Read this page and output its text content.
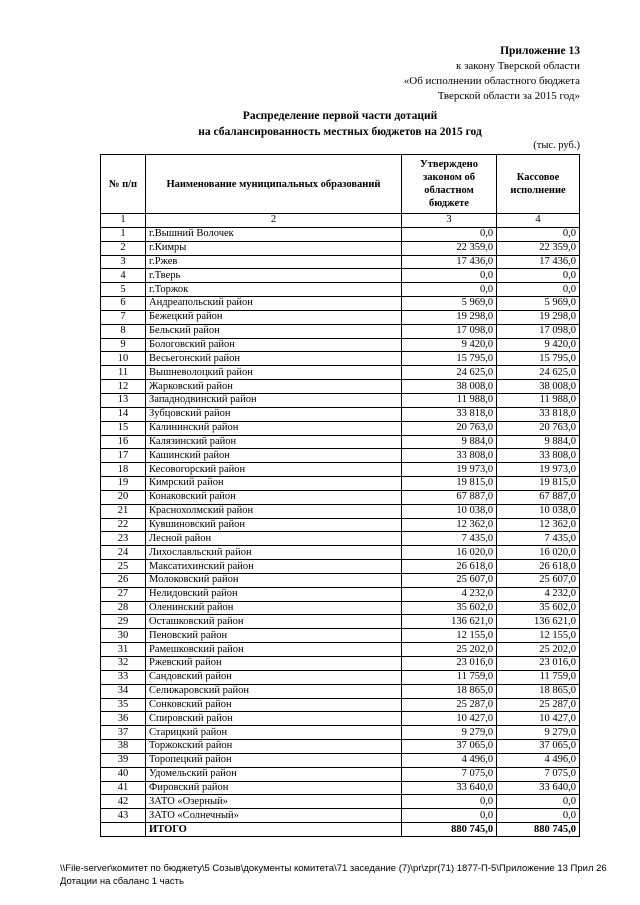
Приложение 13
к закону Тверской области
«Об исполнении областного бюджета
Тверской области за 2015 год»
Распределение первой части дотаций
на сбалансированность местных бюджетов на 2015 год
(тыс. руб.)
№ п/п	Наименование муниципальных образований	Утверждено законом об областном бюджете	Кассовое исполнение
1	2	3	4
1	г.Вышний Волочек	0,0	0,0
2	г.Кимры	22 359,0	22 359,0
3	г.Ржев	17 436,0	17 436,0
4	г.Тверь	0,0	0,0
5	г.Торжок	0,0	0,0
6	Андреапольский район	5 969,0	5 969,0
7	Бежецкий район	19 298,0	19 298,0
8	Бельский район	17 098,0	17 098,0
9	Бологовский район	9 420,0	9 420,0
10	Весьегонский район	15 795,0	15 795,0
11	Вышневолоцкий район	24 625,0	24 625,0
12	Жарковский район	38 008,0	38 008,0
13	Западнодвинский район	11 988,0	11 988,0
14	Зубцовский район	33 818,0	33 818,0
15	Калининский район	20 763,0	20 763,0
16	Калязинский район	9 884,0	9 884,0
17	Кашинский район	33 808,0	33 808,0
18	Кесовогорский район	19 973,0	19 973,0
19	Кимрский район	19 815,0	19 815,0
20	Конаковский район	67 887,0	67 887,0
21	Краснохолмский район	10 038,0	10 038,0
22	Кувшиновский район	12 362,0	12 362,0
23	Лесной район	7 435,0	7 435,0
24	Лихославльский район	16 020,0	16 020,0
25	Максатихинский район	26 618,0	26 618,0
26	Молоковский район	25 607,0	25 607,0
27	Нелидовский район	4 232,0	4 232,0
28	Оленинский район	35 602,0	35 602,0
29	Осташковский район	136 621,0	136 621,0
30	Пеновский район	12 155,0	12 155,0
31	Рамешковский район	25 202,0	25 202,0
32	Ржевский район	23 016,0	23 016,0
33	Сандовский район	11 759,0	11 759,0
34	Селижаровский район	18 865,0	18 865,0
35	Сонковский район	25 287,0	25 287,0
36	Спировский район	10 427,0	10 427,0
37	Старицкий район	9 279,0	9 279,0
38	Торжокский район	37 065,0	37 065,0
39	Торопецкий район	4 496,0	4 496,0
40	Удомельский район	7 075,0	7 075,0
41	Фировский район	33 640,0	33 640,0
42	ЗАТО «Озерный»	0,0	0,0
43	ЗАТО «Солнечный»	0,0	0,0
	ИТОГО	880 745,0	880 745,0
\\File-server\комитет по бюджету\5 Созыв\документы комитета\71 заседание (7)\pr\zpr(71) 1877-П-5\Приложение 13 Прил 26 Дотации на сбаланс 1 часть
